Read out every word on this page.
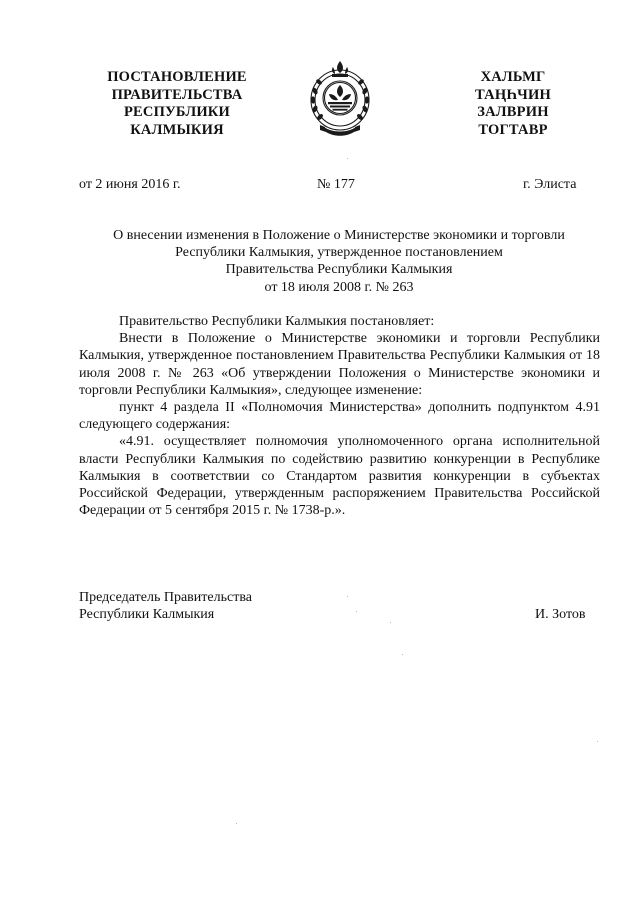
ПОСТАНОВЛЕНИЕ
ПРАВИТЕЛЬСТВА
РЕСПУБЛИКИ
КАЛМЫКИЯ
ХАЛЬМГ
ТАҢҺЧИН
ЗАЛВРИН
ТОГТАВР
от 2 июня 2016 г.	№ 177	г. Элиста
О внесении изменения в Положение о Министерстве экономики и торговли
Республики Калмыкия, утвержденное постановлением
Правительства Республики Калмыкия
от 18 июля 2008 г. № 263

Правительство Республики Калмыкия постановляет:

Внести в Положение о Министерстве экономики и торговли Республики Калмыкия, утвержденное постановлением Правительства Республики Калмыкия от 18 июля 2008 г. № 263 «Об утверждении Положения о Министерстве экономики и торговли Республики Калмыкия», следующее изменение:

пункт 4 раздела II «Полномочия Министерства» дополнить подпунктом 4.91 следующего содержания:

«4.91. осуществляет полномочия уполномоченного органа исполнительной власти Республики Калмыкия по содействию развитию конкуренции в Республике Калмыкия в соответствии со Стандартом развития конкуренции в субъектах Российской Федерации, утвержденным распоряжением Правительства Российской Федерации от 5 сентября 2015 г. № 1738-р.».

Председатель Правительства
Республики Калмыкия	И. Зотов
